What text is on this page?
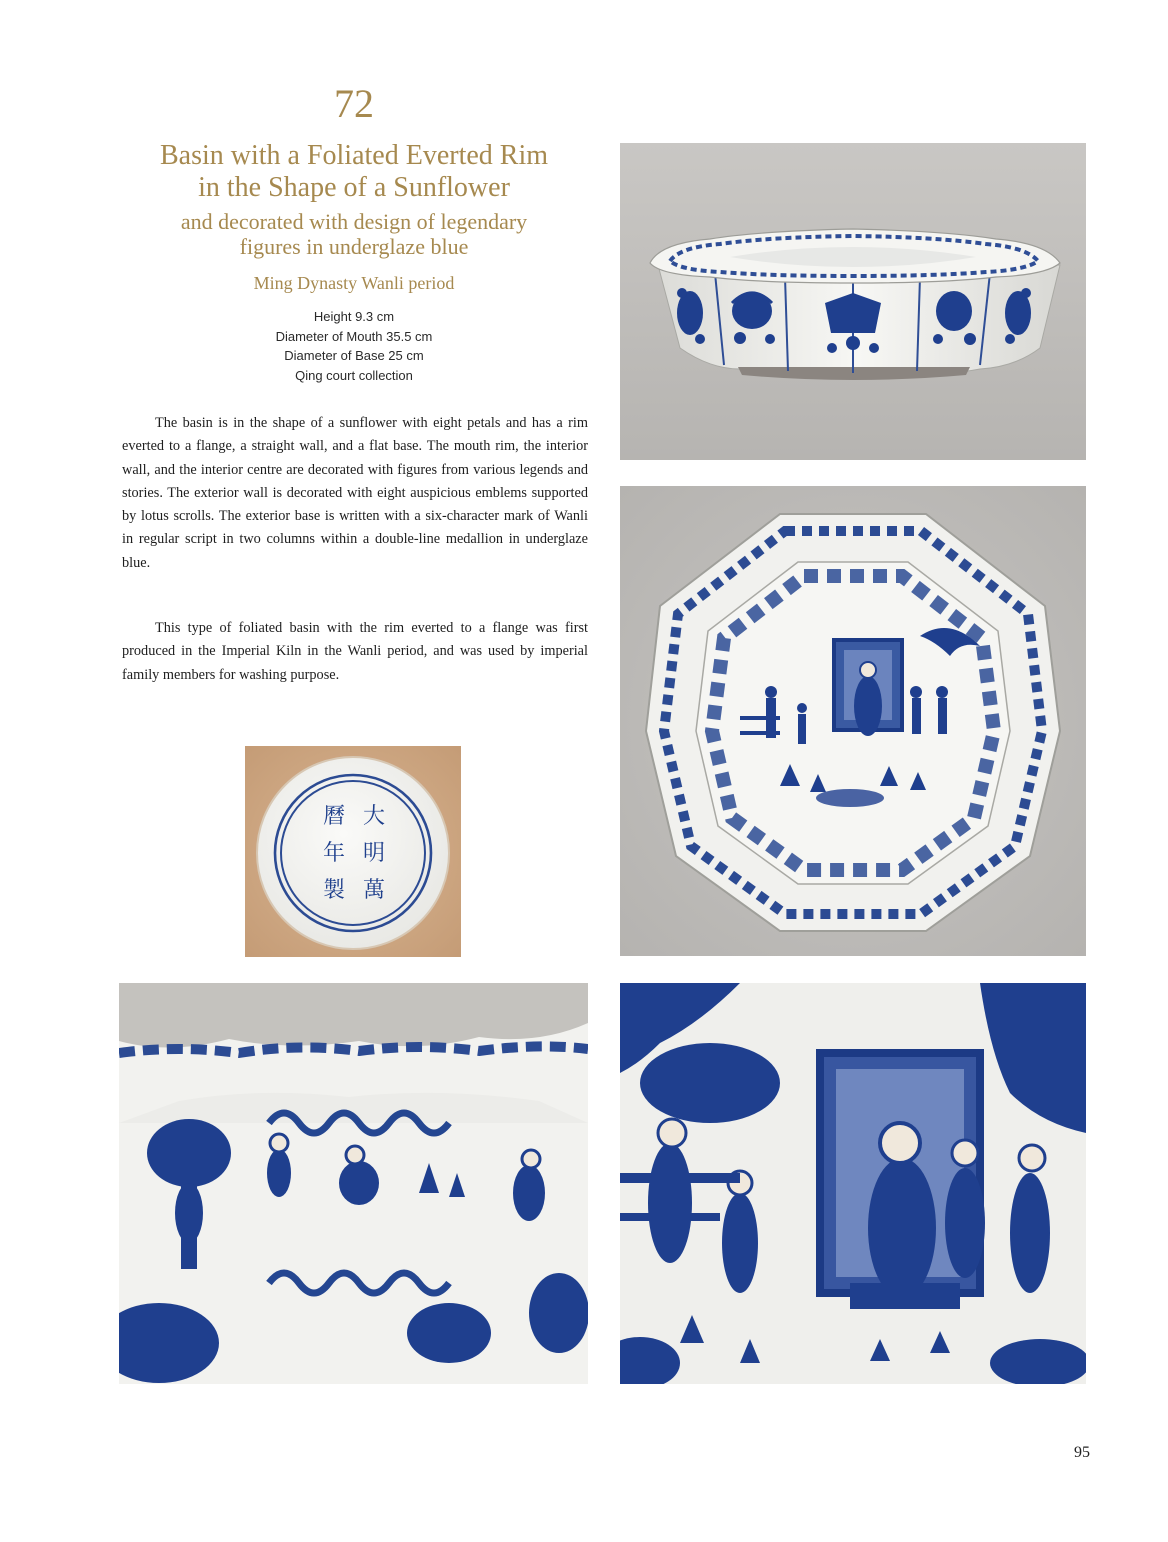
72
Basin with a Foliated Everted Rim
in the Shape of a Sunflower
and decorated with design of legendary
figures in underglaze blue
Ming Dynasty Wanli period
Height 9.3 cm
Diameter of Mouth 35.5 cm
Diameter of Base 25 cm
Qing court collection

The basin is in the shape of a sunflower with eight petals and has a rim everted to a flange, a straight wall, and a flat base. The mouth rim, the interior wall, and the interior centre are decorated with figures from various legends and stories. The exterior wall is decorated with eight auspicious emblems supported by lotus scrolls. The exterior base is written with a six-character mark of Wanli in regular script in two columns within a double-line medallion in underglaze blue.

This type of foliated basin with the rim everted to a flange was first produced in the Imperial Kiln in the Wanli period, and was used by imperial family members for washing purpose.

大
明
萬
曆
年
製
95
